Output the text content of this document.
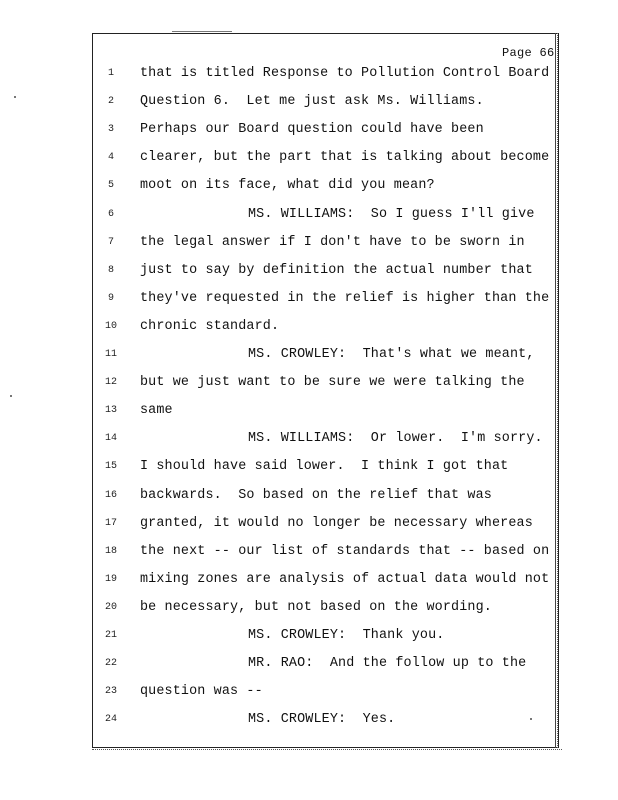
Page 66
1 that is titled Response to Pollution Control Board
2 Question 6.  Let me just ask Ms. Williams.
3 Perhaps our Board question could have been
4 clearer, but the part that is talking about become
5 moot on its face, what did you mean?
6	MS. WILLIAMS:  So I guess I'll give
7 the legal answer if I don't have to be sworn in
8 just to say by definition the actual number that
9 they've requested in the relief is higher than the
10 chronic standard.
11	MS. CROWLEY:  That's what we meant,
12 but we just want to be sure we were talking the
13 same
14	MS. WILLIAMS:  Or lower.  I'm sorry.
15 I should have said lower.  I think I got that
16 backwards.  So based on the relief that was
17 granted, it would no longer be necessary whereas
18 the next -- our list of standards that -- based on
19 mixing zones are analysis of actual data would not
20 be necessary, but not based on the wording.
21	MS. CROWLEY:  Thank you.
22	MR. RAO:  And the follow up to the
23 question was --
24	MS. CROWLEY:  Yes.
